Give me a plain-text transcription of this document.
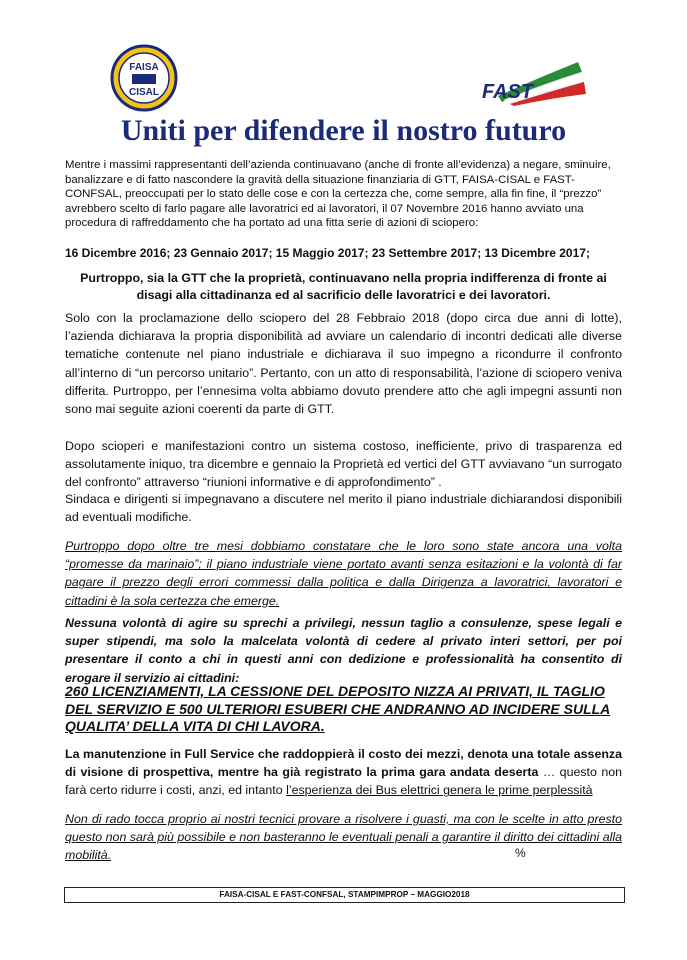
FAISA
CISAL	FAST
Uniti per difendere il nostro futuro

Mentre i massimi rappresentanti dell’azienda continuavano (anche di fronte all’evidenza) a negare, sminuire, banalizzare e di fatto nascondere la gravità della situazione finanziaria di GTT, FAISA-CISAL e FAST-CONFSAL, preoccupati per lo stato delle cose e con la certezza che, come sempre, alla fin fine, il “prezzo” avrebbero scelto di farlo pagare alle lavoratrici ed ai lavoratori, il 07 Novembre 2016 hanno avviato una procedura di raffreddamento che ha portato ad una fitta serie di azioni di sciopero:

16 Dicembre 2016; 23 Gennaio 2017; 15 Maggio 2017; 23 Settembre 2017; 13 Dicembre 2017;

Purtroppo, sia la GTT che la proprietà, continuavano nella propria indifferenza di fronte ai disagi alla cittadinanza ed al sacrificio delle lavoratrici e dei lavoratori.

Solo con la proclamazione dello sciopero del 28 Febbraio 2018 (dopo circa due anni di lotte), l’azienda dichiarava la propria disponibilità ad avviare un calendario di incontri dedicati alle diverse tematiche contenute nel piano industriale e dichiarava il suo impegno a ricondurre il confronto all’interno di “un percorso unitario”. Pertanto, con un atto di responsabilità, l’azione di sciopero veniva differita. Purtroppo, per l’ennesima volta abbiamo dovuto prendere atto che agli impegni assunti non sono mai seguite azioni coerenti da parte di GTT.

Dopo scioperi e manifestazioni contro un sistema costoso, inefficiente, privo di trasparenza ed assolutamente iniquo, tra dicembre e gennaio la Proprietà ed vertici del GTT avviavano “un surrogato del confronto” attraverso “riunioni informative e di approfondimento” .

Sindaca e dirigenti si impegnavano a discutere nel merito il piano industriale dichiarandosi disponibili ad eventuali modifiche.

Purtroppo dopo oltre tre mesi dobbiamo constatare che le loro sono state ancora una volta “promesse da marinaio”; il piano industriale viene portato avanti senza esitazioni e la volontà di far pagare il prezzo degli errori commessi dalla politica e dalla Dirigenza a lavoratrici, lavoratori e cittadini è la sola certezza che emerge.

Nessuna volontà di agire su sprechi a privilegi, nessun taglio a consulenze, spese legali e super stipendi, ma solo la malcelata volontà di cedere al privato interi settori, per poi presentare il conto a chi in questi anni con dedizione e professionalità ha consentito di erogare il servizio ai cittadini:

260 LICENZIAMENTI, LA CESSIONE DEL DEPOSITO NIZZA AI PRIVATI, IL TAGLIO DEL SERVIZIO E 500 ULTERIORI ESUBERI CHE ANDRANNO AD INCIDERE SULLA QUALITA’ DELLA VITA DI CHI LAVORA.

La manutenzione in Full Service che raddoppierà il costo dei mezzi, denota una totale assenza di visione di prospettiva, mentre ha già registrato la prima gara andata deserta … questo non farà certo ridurre i costi, anzi, ed intanto l’esperienza dei Bus elettrici genera le prime perplessità

Non di rado tocca proprio ai nostri tecnici provare a risolvere i guasti, ma con le scelte in atto presto questo non sarà più possibile e non basteranno le eventuali penali a garantire il diritto dei cittadini alla mobilità.	%
FAISA-CISAL E FAST-CONFSAL, STAMPIMPROP – MAGGIO2018
